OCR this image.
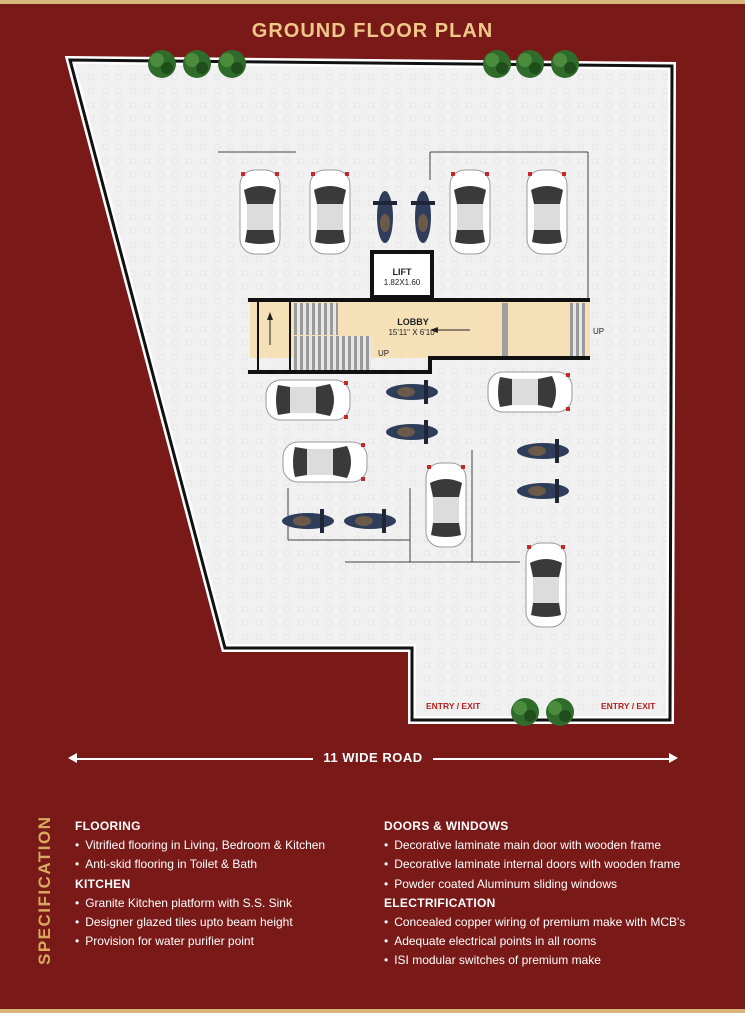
GROUND FLOOR PLAN
LIFT
1.82X1.60
LOBBY
15'11" X 6'10"
UP
UP
ENTRY / EXIT	ENTRY / EXIT
11 WIDE ROAD
SPECIFICATION FLOORING
• Vitrified flooring in Living, Bedroom & Kitchen
• Anti-skid flooring in Toilet & Bath
KITCHEN
• Granite Kitchen platform with S.S. Sink
• Designer glazed tiles upto beam height
• Provision for water purifier point
DOORS & WINDOWS
• Decorative laminate main door with wooden frame
• Decorative laminate internal doors with wooden frame
• Powder coated Aluminum sliding windows
ELECTRIFICATION
• Concealed copper wiring of premium make with MCB's
• Adequate electrical points in all rooms
• ISI modular switches of premium make
